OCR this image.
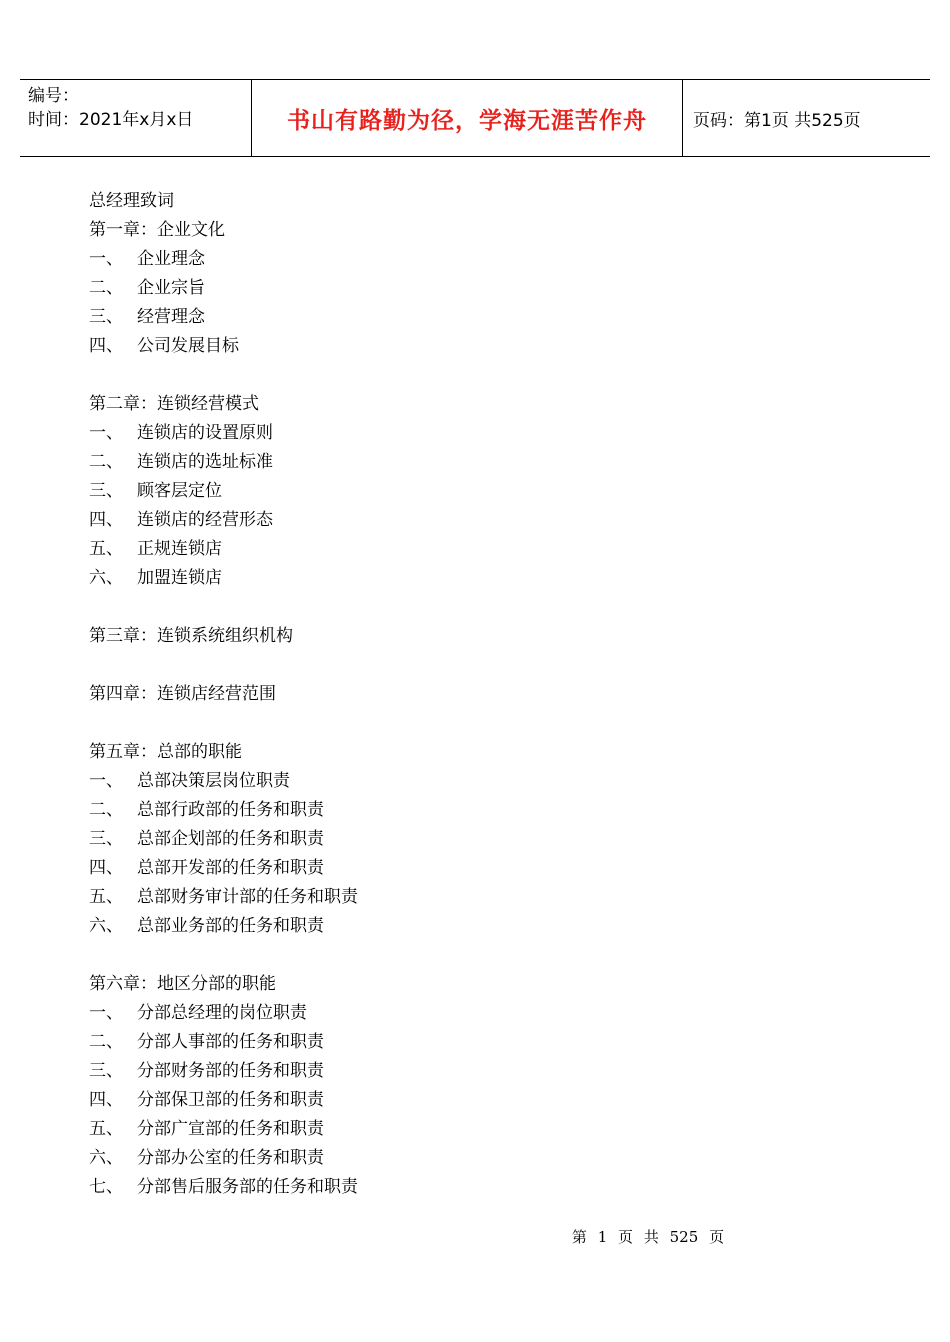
编号：
时间：2021年x月x日	书山有路勤为径，学海无涯苦作舟	页码：第1页 共525页
总经理致词
第一章：企业文化
一、 企业理念
二、 企业宗旨
三、 经营理念
四、 公司发展目标
第二章：连锁经营模式
一、 连锁店的设置原则
二、 连锁店的选址标准
三、 顾客层定位
四、 连锁店的经营形态
五、 正规连锁店
六、 加盟连锁店
第三章：连锁系统组织机构
第四章：连锁店经营范围
第五章：总部的职能
一、 总部决策层岗位职责
二、 总部行政部的任务和职责
三、 总部企划部的任务和职责
四、 总部开发部的任务和职责
五、 总部财务审计部的任务和职责
六、 总部业务部的任务和职责
第六章：地区分部的职能
一、 分部总经理的岗位职责
二、 分部人事部的任务和职责
三、 分部财务部的任务和职责
四、 分部保卫部的任务和职责
五、 分部广宣部的任务和职责
六、 分部办公室的任务和职责
七、 分部售后服务部的任务和职责
第 1 页 共 525 页
